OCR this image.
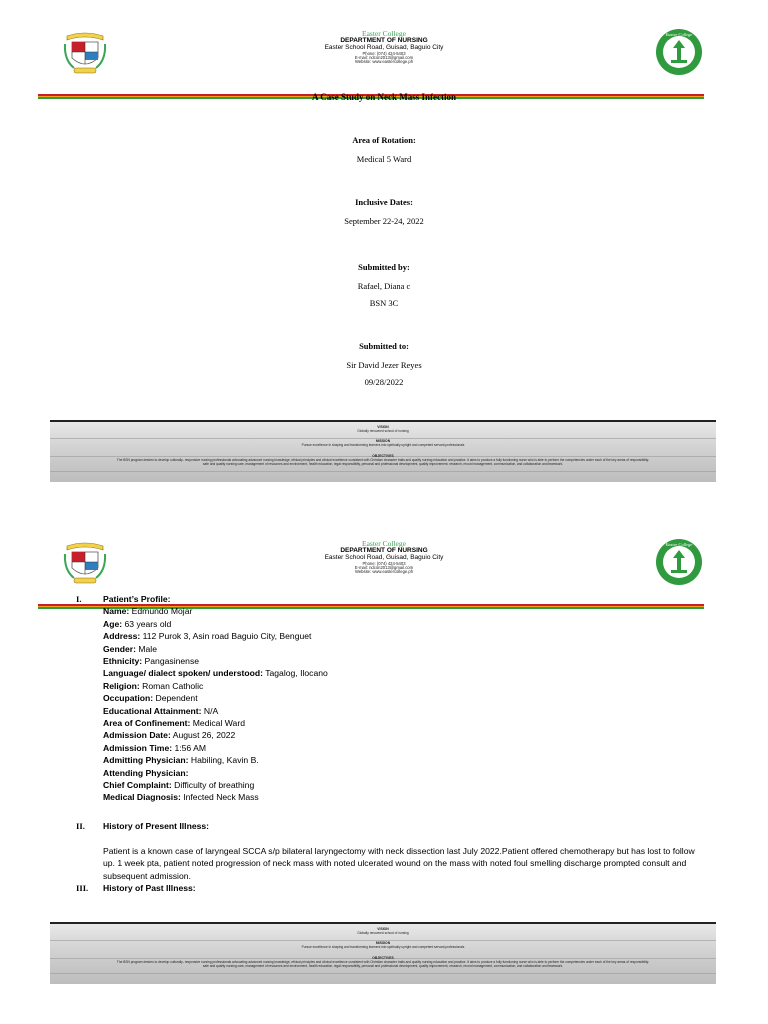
Easter College
DEPARTMENT OF NURSING
Easter School Road, Guisad, Baguio City
Phone: (074) 424-5403
E-mail: ndcon2013@gmail.com
Website: www.eastercollege.ph
Easter College
A Case Study on Neck Mass Infection
Area of Rotation:
Medical 5 Ward
Inclusive Dates:
September 22-24, 2022
Submitted by:
Rafael, Diana c
BSN 3C
Submitted to:
Sir David Jezer Reyes
09/28/2022
VISION
Globally renowned school of nursing
MISSION
Pursue excellence in shaping and transforming learners into spiritually upright and competent servant-professionals
OBJECTIVES
The BSN program desires to develop culturally- responsive nursing professionals advocating advanced nursing knowledge, ethical principles and clinical excellence consistent with Christian character traits and quality nursing education and practice. It aims to produce a fully functioning nurse who is able to perform the competencies under each of the key areas of responsibility:
safe and quality nursing care, management of resources and environment, health education, legal responsibility, personal and professional development, quality improvement, research, record management, communication, and collaboration and teamwork.
Easter College
DEPARTMENT OF NURSING
Easter School Road, Guisad, Baguio City
Phone: (074) 424-5403
E-mail: ndcon2013@gmail.com
Website: www.eastercollege.ph
Easter College
I.	Patient’s Profile:
Name: Edmundo Mojar
Age: 63 years old
Address: 112 Purok 3, Asin road Baguio City, Benguet
Gender: Male
Ethnicity: Pangasinense
Language/ dialect spoken/ understood: Tagalog, Ilocano
Religion: Roman Catholic
Occupation: Dependent
Educational Attainment: N/A
Area of Confinement: Medical Ward
Admission Date: August 26, 2022
Admission Time: 1:56 AM
Admitting Physician: Habiling, Kavin B.
Attending Physician:
Chief Complaint: Difficulty of breathing
Medical Diagnosis: Infected Neck Mass
II.	History of Present Illness:
Patient is a known case of laryngeal SCCA s/p bilateral laryngectomy with neck dissection last July 2022.Patient offered chemotherapy but has lost to follow up. 1 week pta, patient noted progression of neck mass with noted ulcerated wound on the mass with noted foul smelling discharge prompted consult and subsequent admission.
III.	History of Past Illness:
VISION
Globally renowned school of nursing
MISSION
Pursue excellence in shaping and transforming learners into spiritually upright and competent servant-professionals
OBJECTIVES
The BSN program desires to develop culturally- responsive nursing professionals advocating advanced nursing knowledge, ethical principles and clinical excellence consistent with Christian character traits and quality nursing education and practice. It aims to produce a fully functioning nurse who is able to perform the competencies under each of the key areas of responsibility:
safe and quality nursing care, management of resources and environment, health education, legal responsibility, personal and professional development, quality improvement, research, record management, communication, and collaboration and teamwork.
